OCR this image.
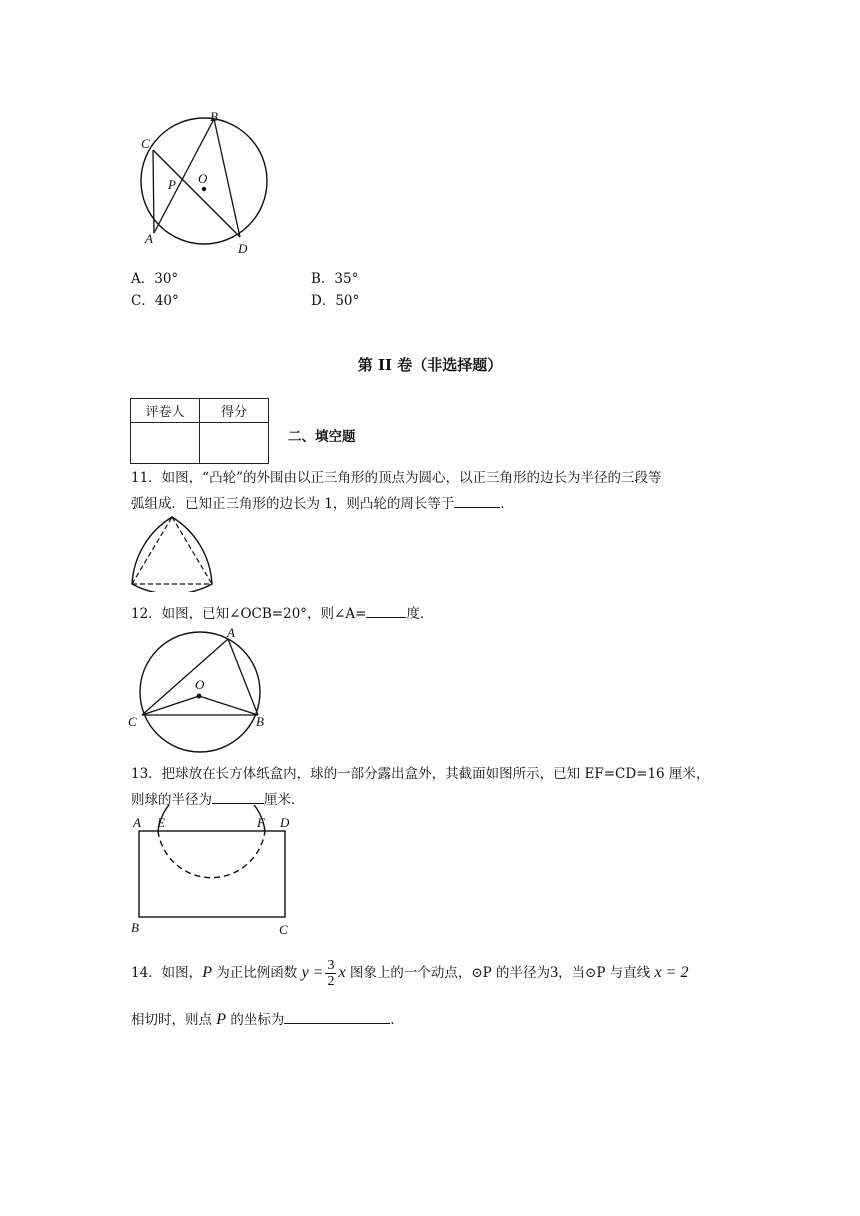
B
C
O
P
A
D
A．30°	B．35°
C．40°	D．50°
第 II 卷（非选择题）
评卷人	得分

二、填空题
11．如图，“凸轮”的外围由以正三角形的顶点为圆心，以正三角形的边长为半径的三段等
弧组成．已知正三角形的边长为 1，则凸轮的周长等于	．
12．如图，已知∠OCB=20°，则∠A=	度．
A
O
C	B
13．把球放在长方体纸盒内，球的一部分露出盒外，其截面如图所示，已知 EF=CD=16 厘米，
则球的半径为	厘米．
A E	F D
B	C
14．如图，P 为正比例函数 $y = \frac{3}{2}$ x 图象上的一个动点，⊙P 的半径为3，当⊙P 与直线 x = 2
相切时，则点 P 的坐标为	．
